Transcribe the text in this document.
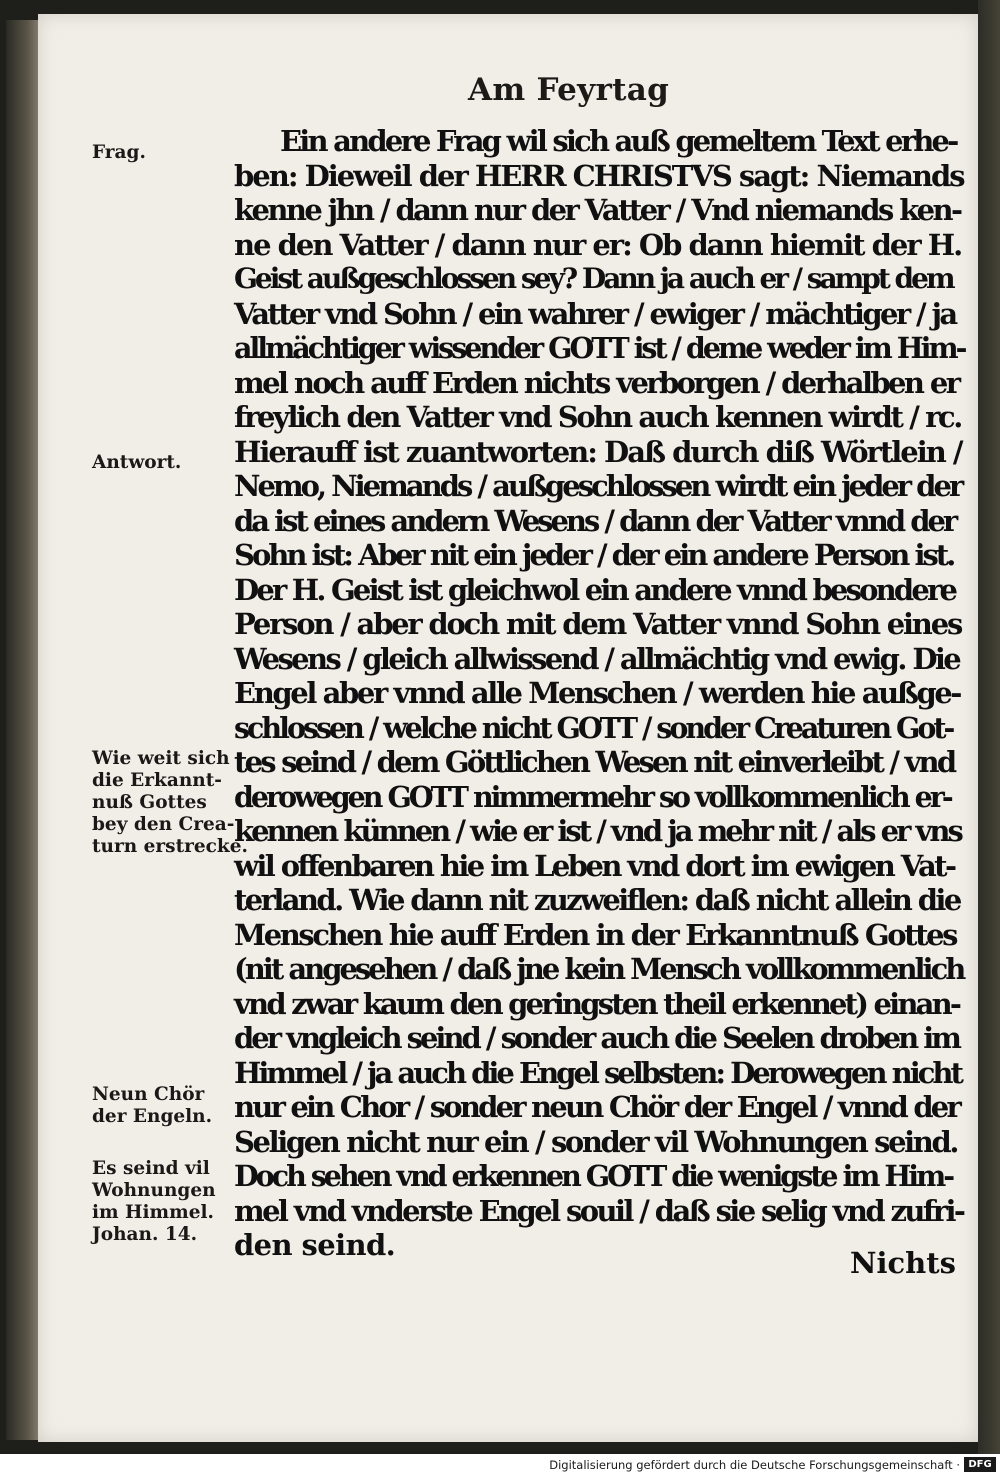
Am Feyrtag
Ein andere Frag wil sich auß gemeltem Text erhe-
ben: Dieweil der HERR CHRISTVS sagt: Niemands
kenne jhn / dann nur der Vatter / Vnd niemands ken-
ne den Vatter / dann nur er: Ob dann hiemit der H.
Geist außgeschlossen sey? Dann ja auch er / sampt dem
Vatter vnd Sohn / ein wahrer / ewiger / mächtiger / ja
allmächtiger wissender GOTT ist / deme weder im Him-
mel noch auff Erden nichts verborgen / derhalben er
freylich den Vatter vnd Sohn auch kennen wirdt / rc.
Hierauff ist zuantworten: Daß durch diß Wörtlein /
Nemo, Niemands / außgeschlossen wirdt ein jeder der
da ist eines andern Wesens / dann der Vatter vnnd der
Sohn ist: Aber nit ein jeder / der ein andere Person ist.
Der H. Geist ist gleichwol ein andere vnnd besondere
Person / aber doch mit dem Vatter vnnd Sohn eines
Wesens / gleich allwissend / allmächtig vnd ewig. Die
Engel aber vnnd alle Menschen / werden hie außge-
schlossen / welche nicht GOTT / sonder Creaturen Got-
tes seind / dem Göttlichen Wesen nit einverleibt / vnd
derowegen GOTT nimmermehr so vollkommenlich er-
kennen künnen / wie er ist / vnd ja mehr nit / als er vns
wil offenbaren hie im Leben vnd dort im ewigen Vat-
terland. Wie dann nit zuzweiflen: daß nicht allein die
Menschen hie auff Erden in der Erkanntnuß Gottes
(nit angesehen / daß jne kein Mensch vollkommenlich
vnd zwar kaum den geringsten theil erkennet) einan-
der vngleich seind / sonder auch die Seelen droben im
Himmel / ja auch die Engel selbsten: Derowegen nicht
nur ein Chor / sonder neun Chör der Engel / vnnd der
Seligen nicht nur ein / sonder vil Wohnungen seind.
Doch sehen vnd erkennen GOTT die wenigste im Him-
mel vnd vnderste Engel souil / daß sie selig vnd zufri-
den seind.
Nichts
Frag.
Antwort.
Wie weit sich
die Erkannt-
nuß Gottes
bey den Crea-
turn erstrecke.
Neun Chör
der Engeln.
Es seind vil
Wohnungen
im Himmel.
Johan. 14.
Digitalisierung gefördert durch die Deutsche Forschungsgemeinschaft · DFG
